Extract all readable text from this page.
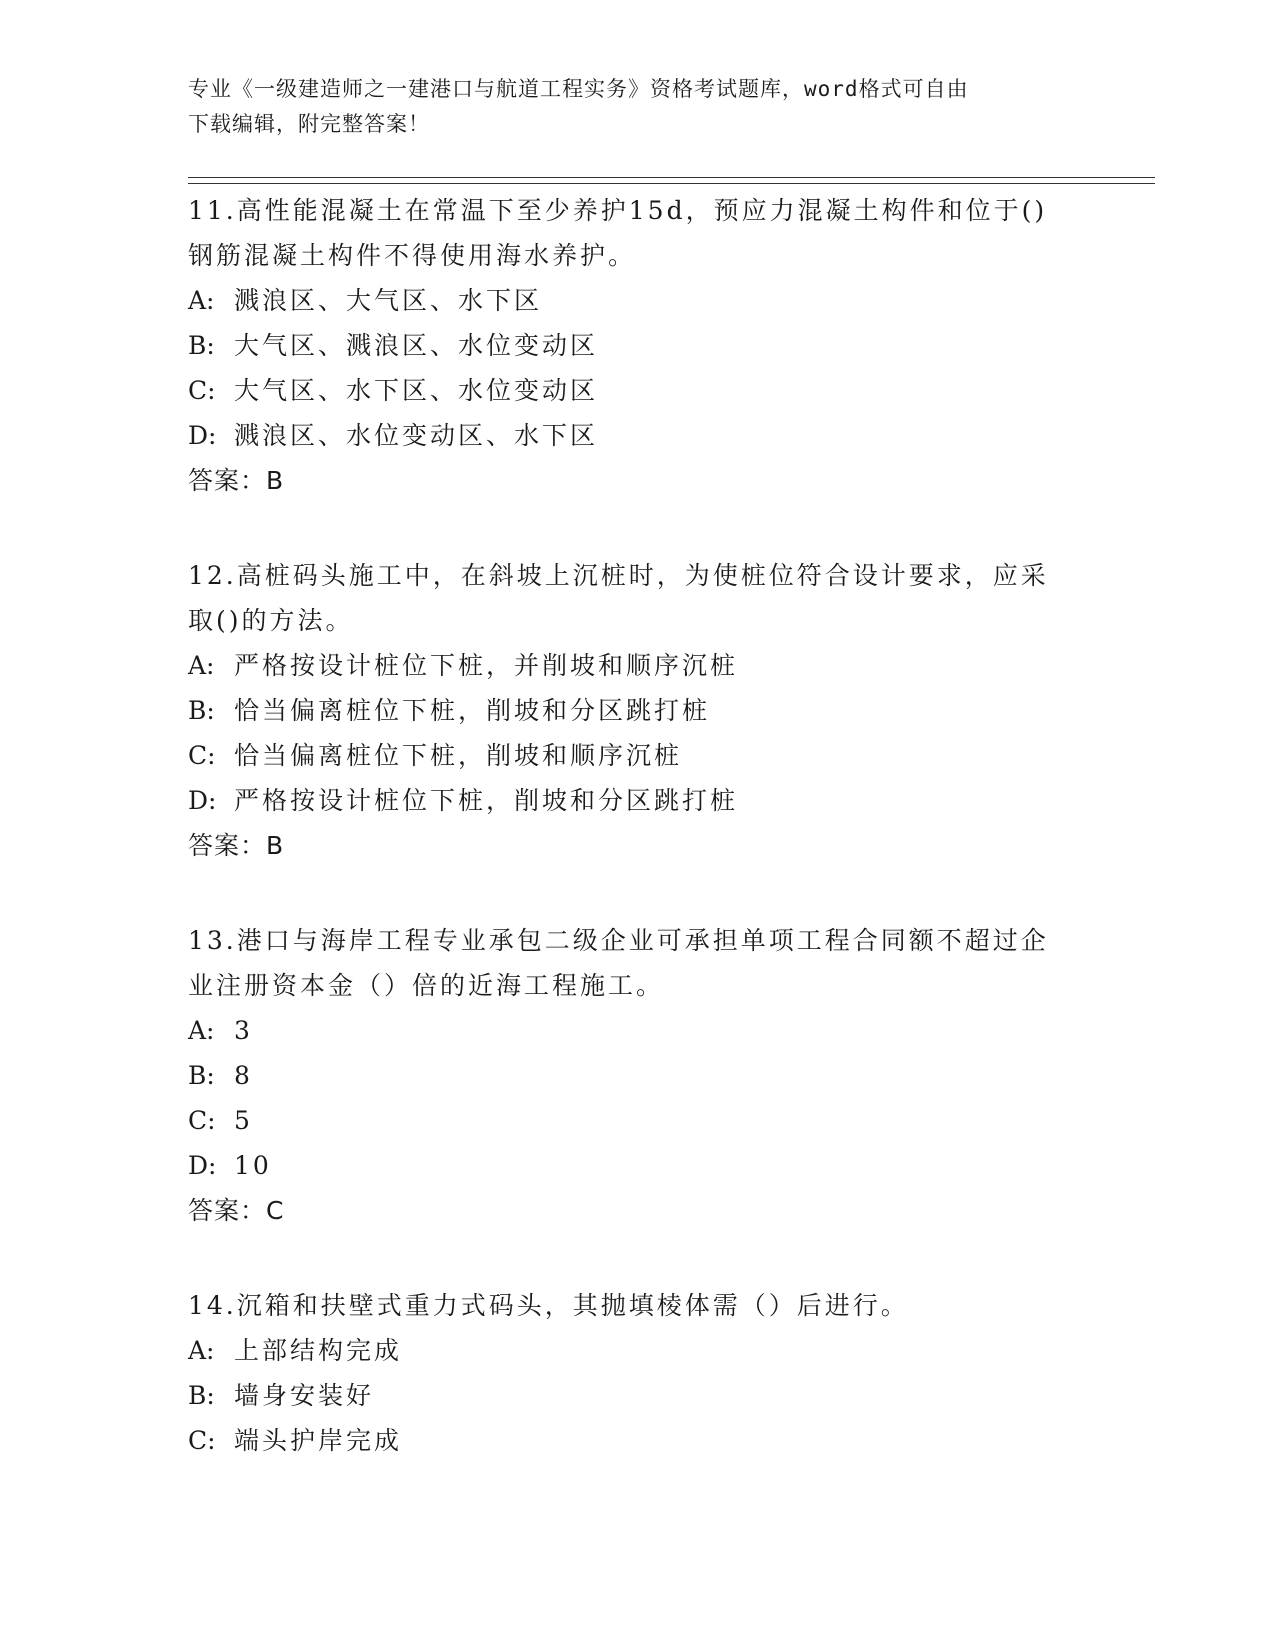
专业《一级建造师之一建港口与航道工程实务》资格考试题库，word格式可自由
下载编辑，附完整答案！
11.高性能混凝土在常温下至少养护15d，预应力混凝土构件和位于()
钢筋混凝土构件不得使用海水养护。
A: 溅浪区、大气区、水下区
B: 大气区、溅浪区、水位变动区
C: 大气区、水下区、水位变动区
D: 溅浪区、水位变动区、水下区
答案：B
12.高桩码头施工中，在斜坡上沉桩时，为使桩位符合设计要求，应采
取()的方法。
A: 严格按设计桩位下桩，并削坡和顺序沉桩
B: 恰当偏离桩位下桩，削坡和分区跳打桩
C: 恰当偏离桩位下桩，削坡和顺序沉桩
D: 严格按设计桩位下桩，削坡和分区跳打桩
答案：B
13.港口与海岸工程专业承包二级企业可承担单项工程合同额不超过企
业注册资本金（）倍的近海工程施工。
A: 3
B: 8
C: 5
D: 10
答案：C
14.沉箱和扶壁式重力式码头，其抛填棱体需（）后进行。
A: 上部结构完成
B: 墙身安装好
C: 端头护岸完成
